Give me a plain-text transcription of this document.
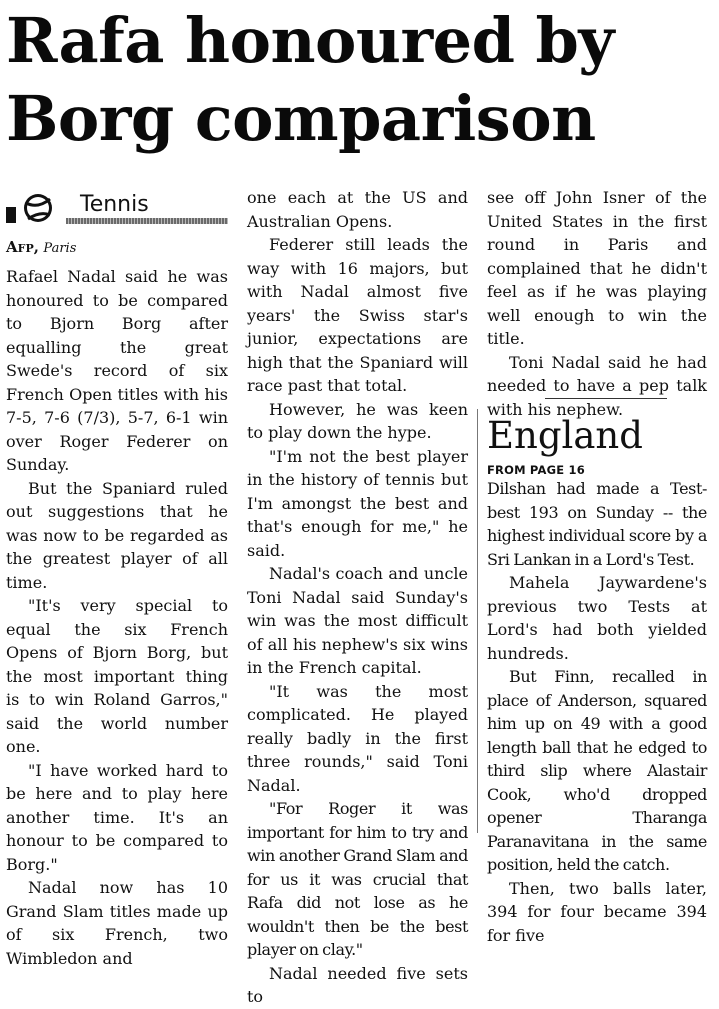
Rafa honoured by
Borg comparison
Tennis
Afp, Paris

Rafael Nadal said he was honoured to be compared to Bjorn Borg after equalling the great Swede's record of six French Open titles with his 7-5, 7-6 (7/3), 5-7, 6-1 win over Roger Federer on Sunday.

But the Spaniard ruled out suggestions that he was now to be regarded as the greatest player of all time.

"It's very special to equal the six French Opens of Bjorn Borg, but the most important thing is to win Roland Garros," said the world number one.

"I have worked hard to be here and to play here another time. It's an honour to be compared to Borg."

Nadal now has 10 Grand Slam titles made up of six French, two Wimbledon and

one each at the US and Australian Opens.

Federer still leads the way with 16 majors, but with Nadal almost five years' the Swiss star's junior, expectations are high that the Spaniard will race past that total.

However, he was keen to play down the hype.

"I'm not the best player in the history of tennis but I'm amongst the best and that's enough for me," he said.

Nadal's coach and uncle Toni Nadal said Sunday's win was the most difficult of all his nephew's six wins in the French capital.

"It was the most complicated. He played really badly in the first three rounds," said Toni Nadal.

"For Roger it was important for him to try and win another Grand Slam and for us it was crucial that Rafa did not lose as he wouldn't then be the best player on clay."

Nadal needed five sets to

see off John Isner of the United States in the first round in Paris and complained that he didn't feel as if he was playing well enough to win the title.

Toni Nadal said he had needed to have a pep talk with his nephew.

England
FROM PAGE 16

Dilshan had made a Test-best 193 on Sunday -- the highest individual score by a Sri Lankan in a Lord's Test.

Mahela Jaywardene's previous two Tests at Lord's had both yielded hundreds.

But Finn, recalled in place of Anderson, squared him up on 49 with a good length ball that he edged to third slip where Alastair Cook, who'd dropped opener Tharanga Paranavitana in the same position, held the catch.

Then, two balls later, 394 for four became 394 for five
